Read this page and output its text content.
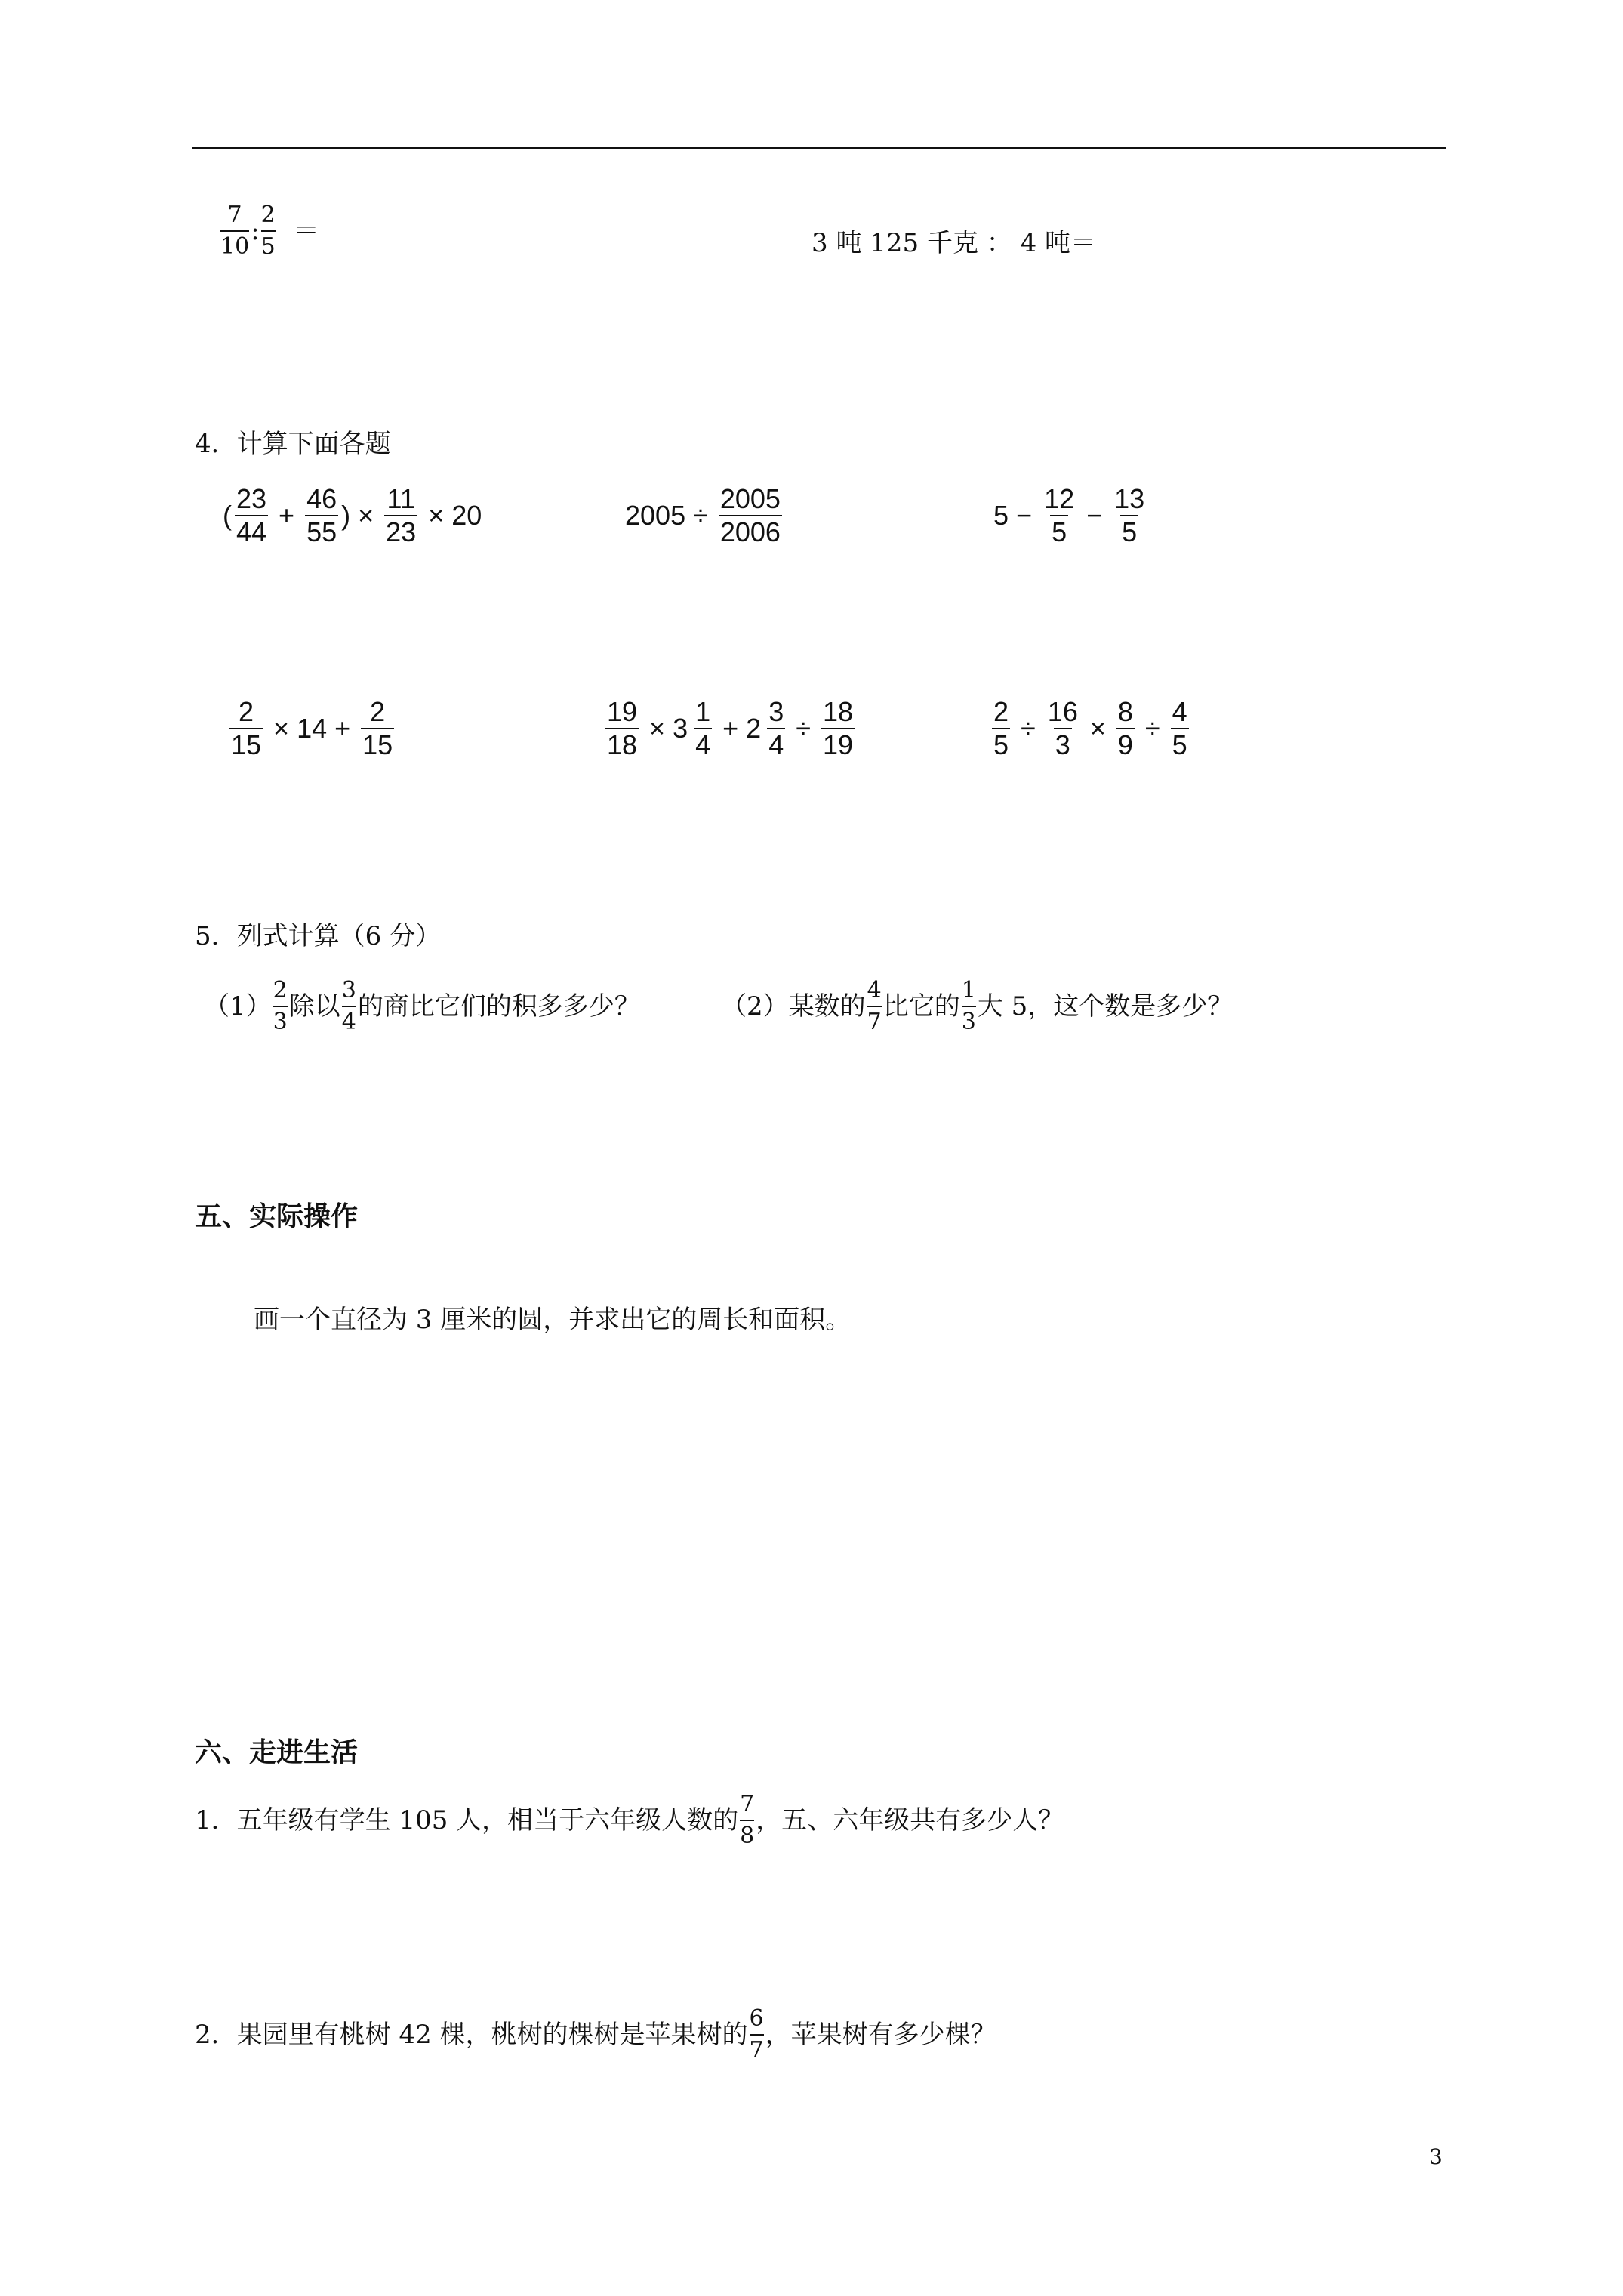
7
10
:
2
5
＝	3 吨 125 千克 ： 4 吨＝
4．计算下面各题
( $\frac{23}{44} + \frac{46}{55}$ ) × $\frac{11}{23} \times 20$	$2005 \div \frac{2005}{2006}$	$5 - \frac{12}{5} - \frac{13}{5}$
$\frac{2}{15} \times 14 + \frac{2}{15}$	$\frac{19}{18} \times 3 \frac{1}{4} + 2 \frac{3}{4} \div \frac{18}{19}$	$\frac{2}{5} \div \frac{16}{3} \times \frac{8}{9} \div \frac{4}{5}$
5．列式计算（6 分）
（1）
2
3
除以
3
4
的商比它们的积多多少？	（2）某数的
4
7
比它的
1
3
大 5，这个数是多少？
五、实际操作
画一个直径为 3 厘米的圆，并求出它的周长和面积。
六、走进生活
1．五年级有学生 105 人，相当于六年级人数的
7
8
，五、六年级共有多少人？
2．果园里有桃树 42 棵，桃树的棵树是苹果树的
6
7
，苹果树有多少棵？
3
